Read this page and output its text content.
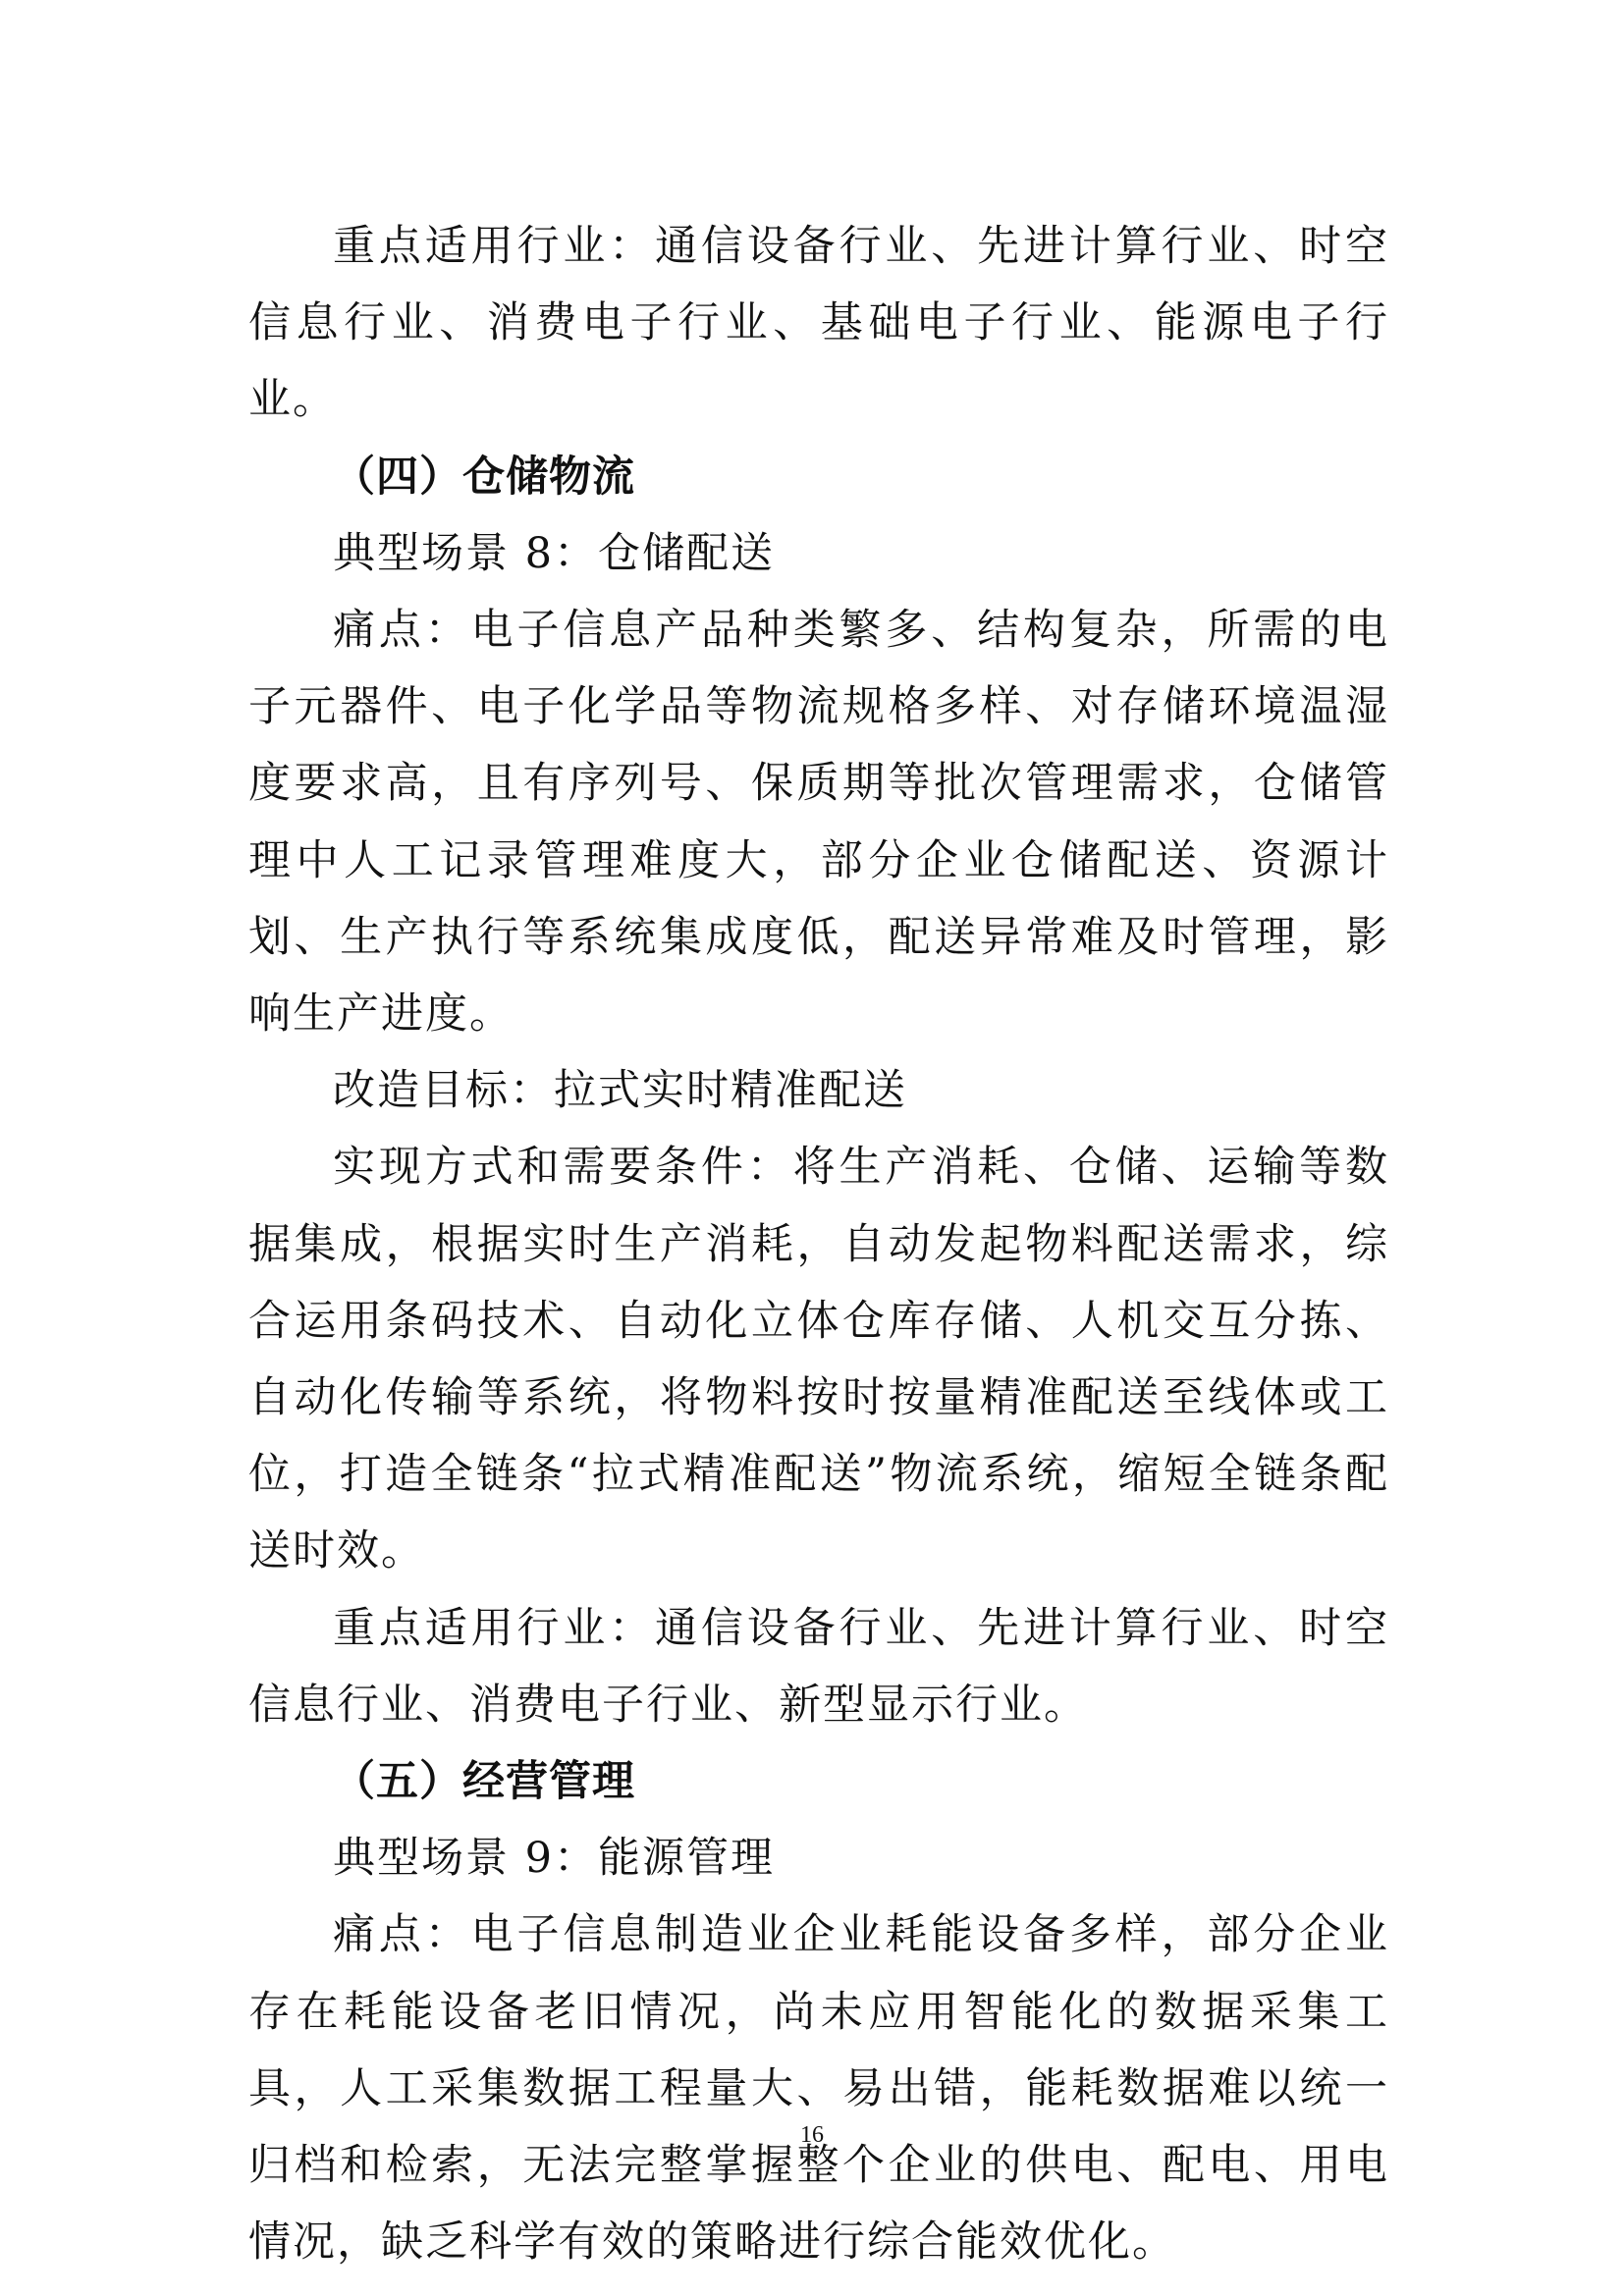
重点适用行业：通信设备行业、先进计算行业、时空信息行业、消费电子行业、基础电子行业、能源电子行业。

（四）仓储物流

典型场景 8：仓储配送

痛点：电子信息产品种类繁多、结构复杂，所需的电子元器件、电子化学品等物流规格多样、对存储环境温湿度要求高，且有序列号、保质期等批次管理需求，仓储管理中人工记录管理难度大，部分企业仓储配送、资源计划、生产执行等系统集成度低，配送异常难及时管理，影响生产进度。

改造目标：拉式实时精准配送

实现方式和需要条件：将生产消耗、仓储、运输等数据集成，根据实时生产消耗，自动发起物料配送需求，综合运用条码技术、自动化立体仓库存储、人机交互分拣、自动化传输等系统，将物料按时按量精准配送至线体或工位，打造全链条“拉式精准配送”物流系统，缩短全链条配送时效。

重点适用行业：通信设备行业、先进计算行业、时空信息行业、消费电子行业、新型显示行业。

（五）经营管理

典型场景 9：能源管理

痛点：电子信息制造业企业耗能设备多样，部分企业存在耗能设备老旧情况，尚未应用智能化的数据采集工具，人工采集数据工程量大、易出错，能耗数据难以统一归档和检索，无法完整掌握整个企业的供电、配电、用电情况，缺乏科学有效的策略进行综合能效优化。

16
